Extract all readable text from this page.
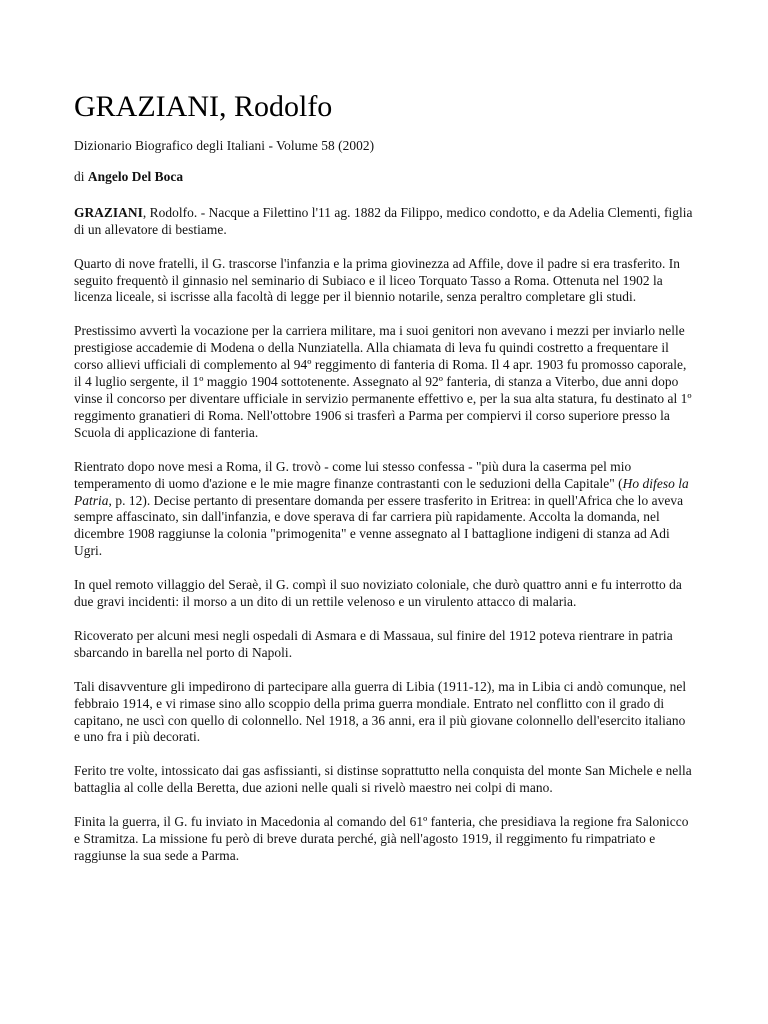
GRAZIANI, Rodolfo

Dizionario Biografico degli Italiani - Volume 58 (2002)

di Angelo Del Boca

GRAZIANI, Rodolfo. - Nacque a Filettino l'11 ag. 1882 da Filippo, medico condotto, e da Adelia Clementi, figlia di un allevatore di bestiame.

Quarto di nove fratelli, il G. trascorse l'infanzia e la prima giovinezza ad Affile, dove il padre si era trasferito. In seguito frequentò il ginnasio nel seminario di Subiaco e il liceo Torquato Tasso a Roma. Ottenuta nel 1902 la licenza liceale, si iscrisse alla facoltà di legge per il biennio notarile, senza peraltro completare gli studi.

Prestissimo avvertì la vocazione per la carriera militare, ma i suoi genitori non avevano i mezzi per inviarlo nelle prestigiose accademie di Modena o della Nunziatella. Alla chiamata di leva fu quindi costretto a frequentare il corso allievi ufficiali di complemento al 94º reggimento di fanteria di Roma. Il 4 apr. 1903 fu promosso caporale, il 4 luglio sergente, il 1º maggio 1904 sottotenente. Assegnato al 92º fanteria, di stanza a Viterbo, due anni dopo vinse il concorso per diventare ufficiale in servizio permanente effettivo e, per la sua alta statura, fu destinato al 1º reggimento granatieri di Roma. Nell'ottobre 1906 si trasferì a Parma per compiervi il corso superiore presso la Scuola di applicazione di fanteria.

Rientrato dopo nove mesi a Roma, il G. trovò - come lui stesso confessa - "più dura la caserma pel mio temperamento di uomo d'azione e le mie magre finanze contrastanti con le seduzioni della Capitale" (Ho difeso la Patria, p. 12). Decise pertanto di presentare domanda per essere trasferito in Eritrea: in quell'Africa che lo aveva sempre affascinato, sin dall'infanzia, e dove sperava di far carriera più rapidamente. Accolta la domanda, nel dicembre 1908 raggiunse la colonia "primogenita" e venne assegnato al I battaglione indigeni di stanza ad Adi Ugri.

In quel remoto villaggio del Seraè, il G. compì il suo noviziato coloniale, che durò quattro anni e fu interrotto da due gravi incidenti: il morso a un dito di un rettile velenoso e un virulento attacco di malaria.

Ricoverato per alcuni mesi negli ospedali di Asmara e di Massaua, sul finire del 1912 poteva rientrare in patria sbarcando in barella nel porto di Napoli.

Tali disavventure gli impedirono di partecipare alla guerra di Libia (1911-12), ma in Libia ci andò comunque, nel febbraio 1914, e vi rimase sino allo scoppio della prima guerra mondiale. Entrato nel conflitto con il grado di capitano, ne uscì con quello di colonnello. Nel 1918, a 36 anni, era il più giovane colonnello dell'esercito italiano e uno fra i più decorati.

Ferito tre volte, intossicato dai gas asfissianti, si distinse soprattutto nella conquista del monte San Michele e nella battaglia al colle della Beretta, due azioni nelle quali si rivelò maestro nei colpi di mano.

Finita la guerra, il G. fu inviato in Macedonia al comando del 61º fanteria, che presidiava la regione fra Salonicco e Stramitza. La missione fu però di breve durata perché, già nell'agosto 1919, il reggimento fu rimpatriato e raggiunse la sua sede a Parma.
